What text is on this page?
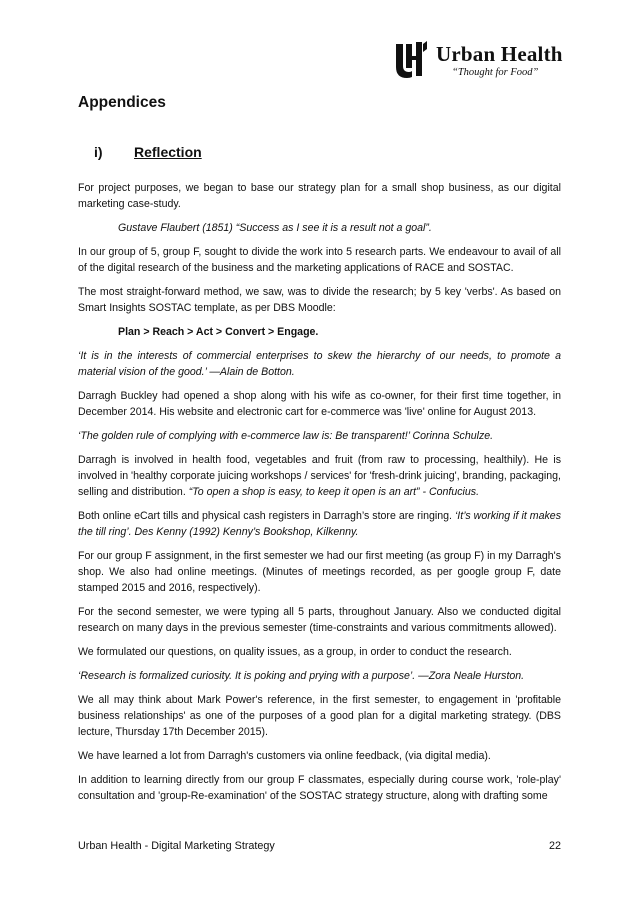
Urban Health
“Thought for Food”
Appendices
i) Reflection

For project purposes, we began to base our strategy plan for a small shop business, as our digital marketing case-study.

Gustave Flaubert (1851) “Success as I see it is a result not a goal”.

In our group of 5, group F, sought to divide the work into 5 research parts. We endeavour to avail of all of the digital research of the business and the marketing applications of RACE and SOSTAC.

The most straight-forward method, we saw, was to divide the research; by 5 key 'verbs'. As based on Smart Insights SOSTAC template, as per DBS Moodle:

Plan > Reach > Act > Convert > Engage.

‘It is in the interests of commercial enterprises to skew the hierarchy of our needs, to promote a material vision of the good.’ —Alain de Botton.

Darragh Buckley had opened a shop along with his wife as co-owner, for their first time together, in December 2014. His website and electronic cart for e-commerce was 'live' online for August 2013.

‘The golden rule of complying with e-commerce law is: Be transparent!’ Corinna Schulze.

Darragh is involved in health food, vegetables and fruit (from raw to processing, healthily). He is involved in 'healthy corporate juicing workshops / services' for 'fresh-drink juicing', branding, packaging, selling and distribution. “To open a shop is easy, to keep it open is an art” - Confucius.

Both online eCart tills and physical cash registers in Darragh’s store are ringing. ‘It’s working if it makes the till ring’. Des Kenny (1992) Kenny’s Bookshop, Kilkenny.

For our group F assignment, in the first semester we had our first meeting (as group F) in my Darragh's shop. We also had online meetings. (Minutes of meetings recorded, as per google group F, date stamped 2015 and 2016, respectively).

For the second semester, we were typing all 5 parts, throughout January. Also we conducted digital research on many days in the previous semester (time-constraints and various commitments allowed).

We formulated our questions, on quality issues, as a group, in order to conduct the research.

‘Research is formalized curiosity. It is poking and prying with a purpose’. —Zora Neale Hurston.

We all may think about Mark Power's reference, in the first semester, to engagement in 'profitable business relationships' as one of the purposes of a good plan for a digital marketing strategy. (DBS lecture, Thursday 17th December 2015).

We have learned a lot from Darragh's customers via online feedback, (via digital media).

In addition to learning directly from our group F classmates, especially during course work, 'role-play' consultation and 'group-Re-examination' of the SOSTAC strategy structure, along with drafting some

Urban Health - Digital Marketing Strategy	22
